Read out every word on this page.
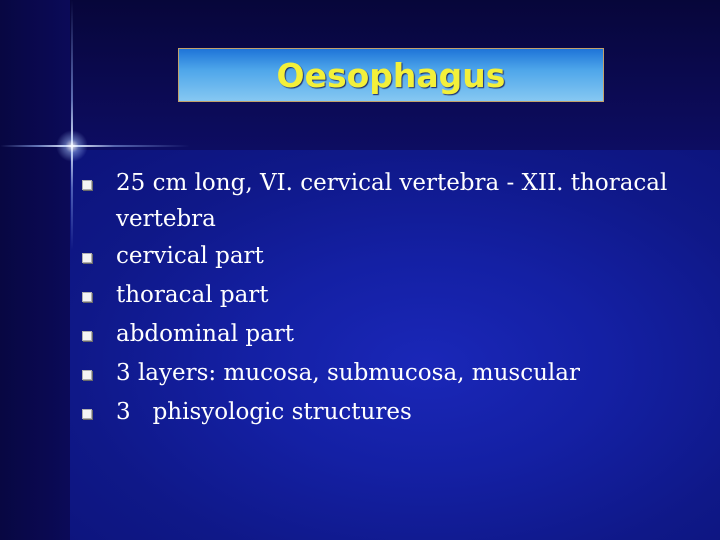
Oesophagus
25 cm long, VI. cervical vertebra - XII. thoracal vertebra
cervical part
thoracal part
abdominal part
3 layers: mucosa, submucosa, muscular
3   phisyologic structures
